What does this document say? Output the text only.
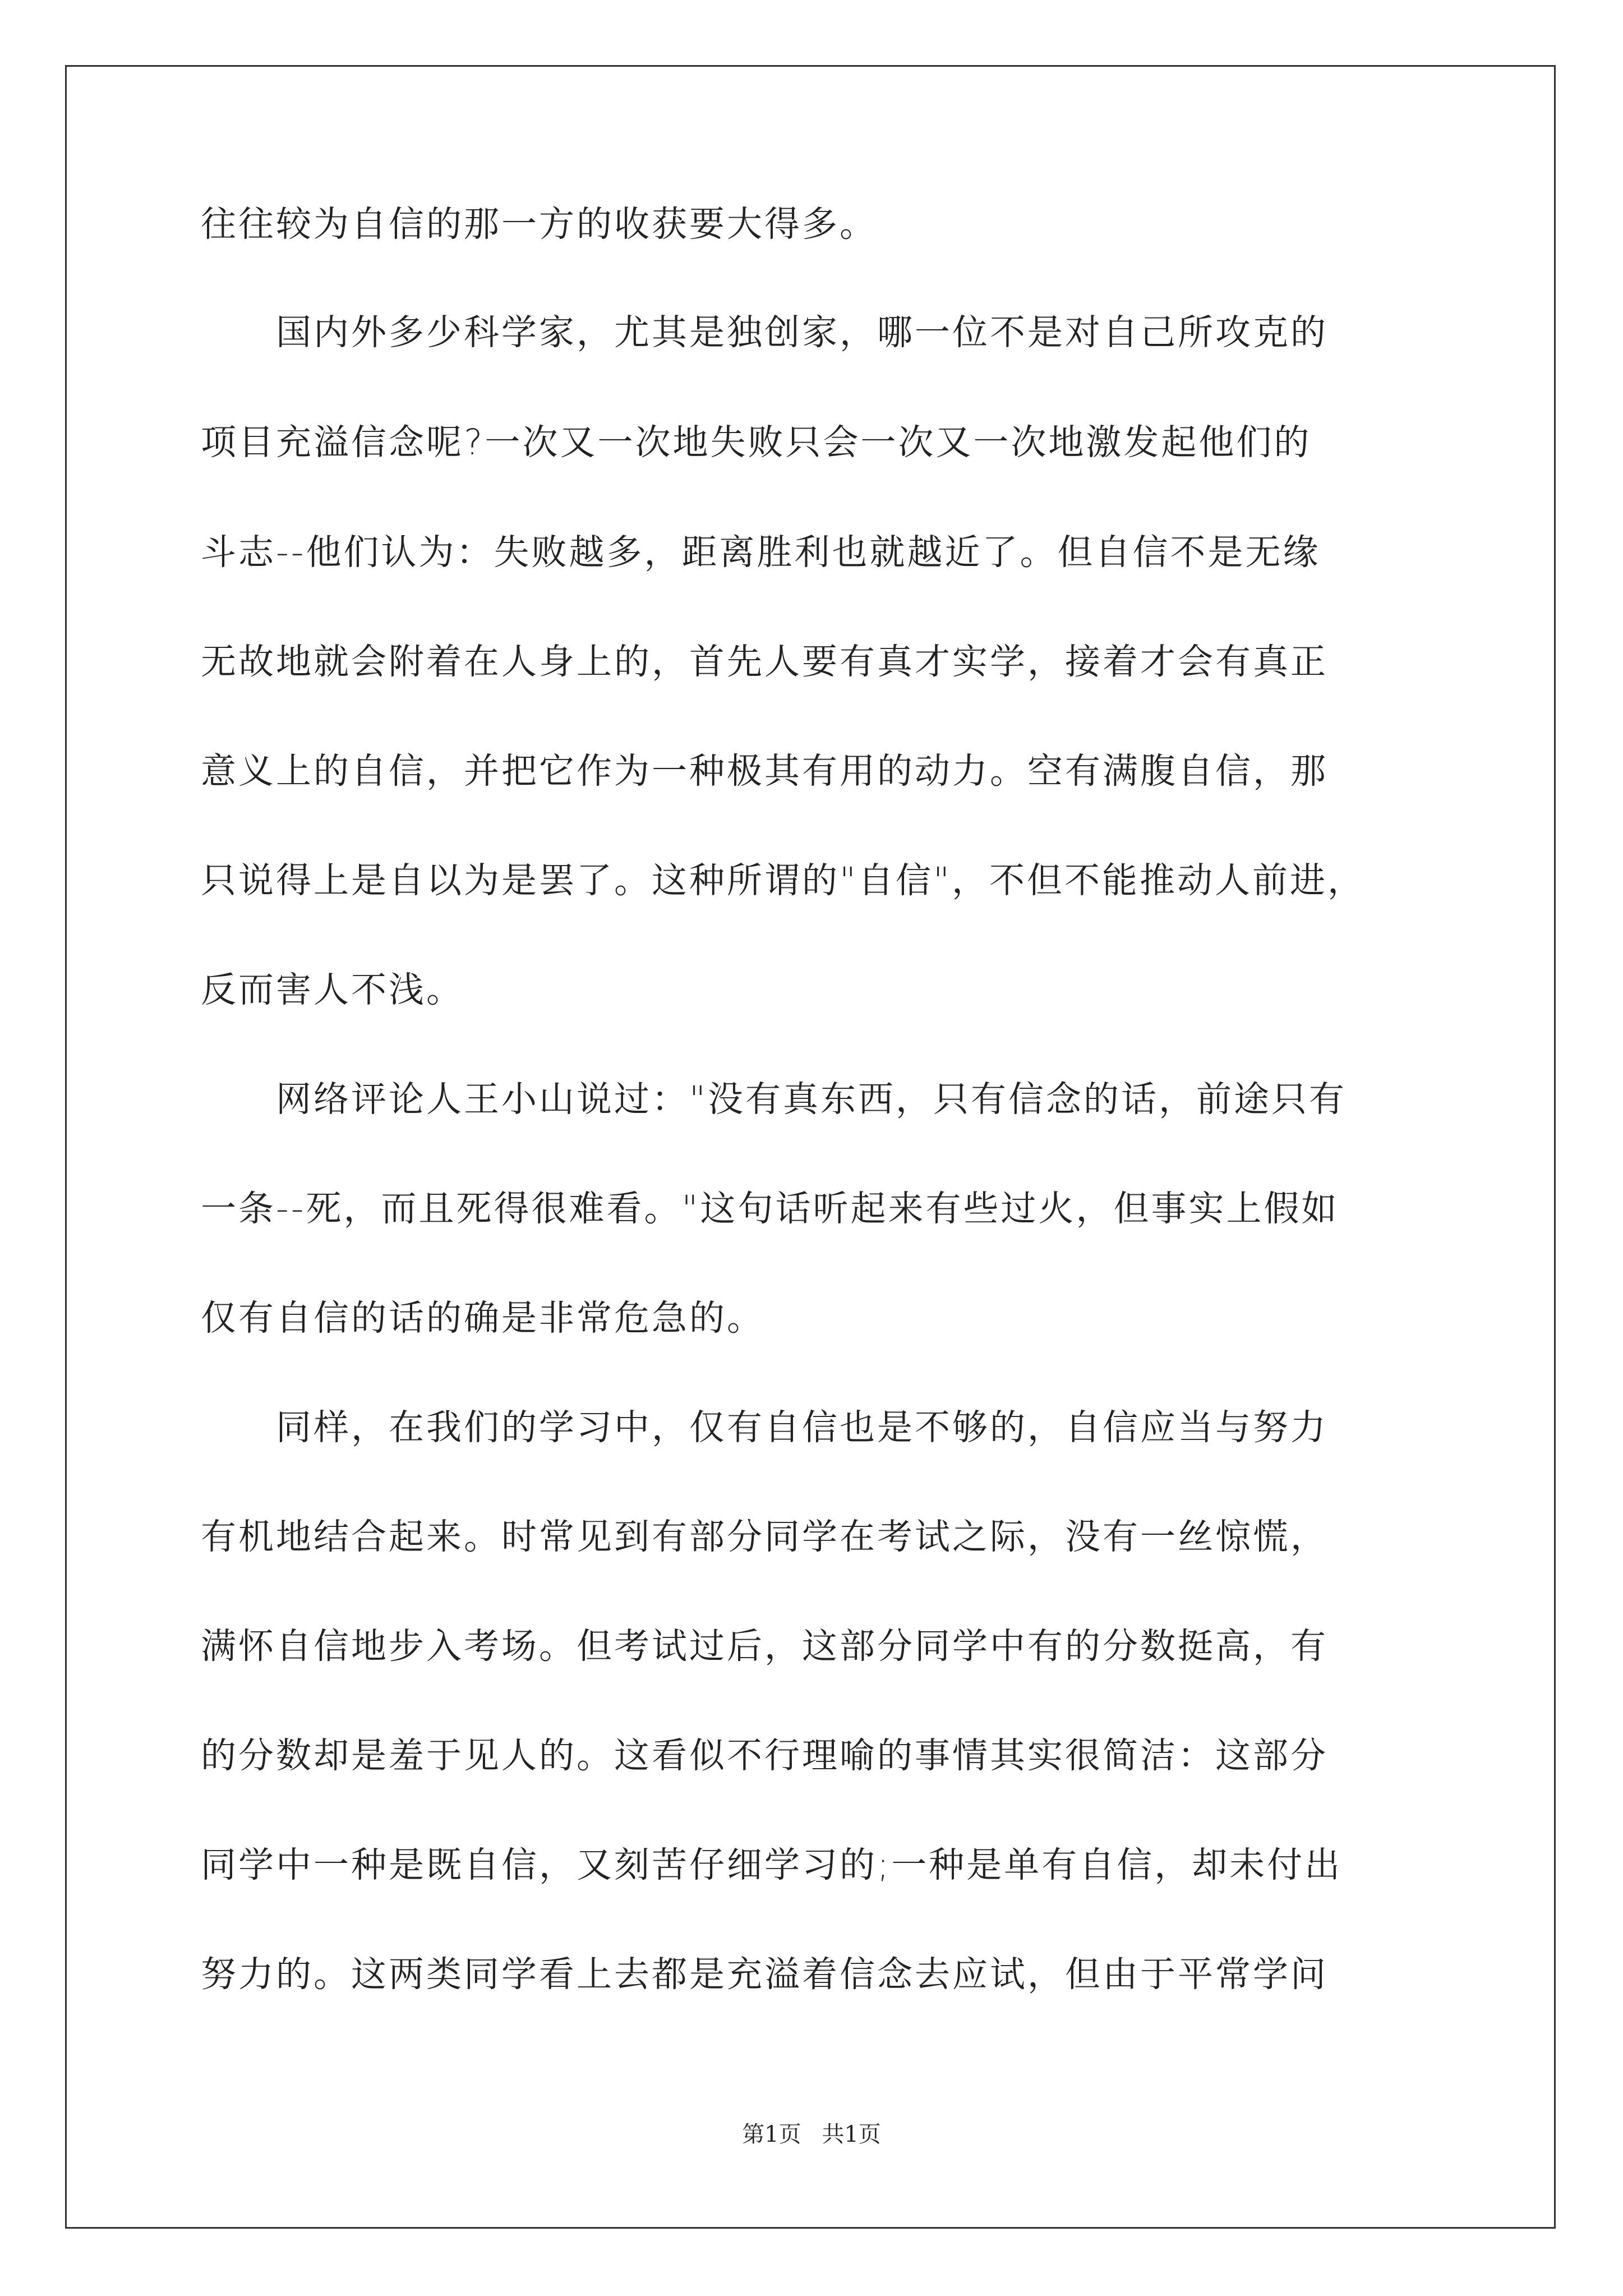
往往较为自信的那一方的收获要大得多。
　　国内外多少科学家，尤其是独创家，哪一位不是对自己所攻克的
项目充溢信念呢?一次又一次地失败只会一次又一次地激发起他们的
斗志--他们认为：失败越多，距离胜利也就越近了。但自信不是无缘
无故地就会附着在人身上的，首先人要有真才实学，接着才会有真正
意义上的自信，并把它作为一种极其有用的动力。空有满腹自信，那
只说得上是自以为是罢了。这种所谓的"自信"，不但不能推动人前进，
反而害人不浅。
　　网络评论人王小山说过："没有真东西，只有信念的话，前途只有
一条--死，而且死得很难看。"这句话听起来有些过火，但事实上假如
仅有自信的话的确是非常危急的。
　　同样，在我们的学习中，仅有自信也是不够的，自信应当与努力
有机地结合起来。时常见到有部分同学在考试之际，没有一丝惊慌，
满怀自信地步入考场。但考试过后，这部分同学中有的分数挺高，有
的分数却是羞于见人的。这看似不行理喻的事情其实很简洁：这部分
同学中一种是既自信，又刻苦仔细学习的;一种是单有自信，却未付出
努力的。这两类同学看上去都是充溢着信念去应试，但由于平常学问
第1页 共1页
